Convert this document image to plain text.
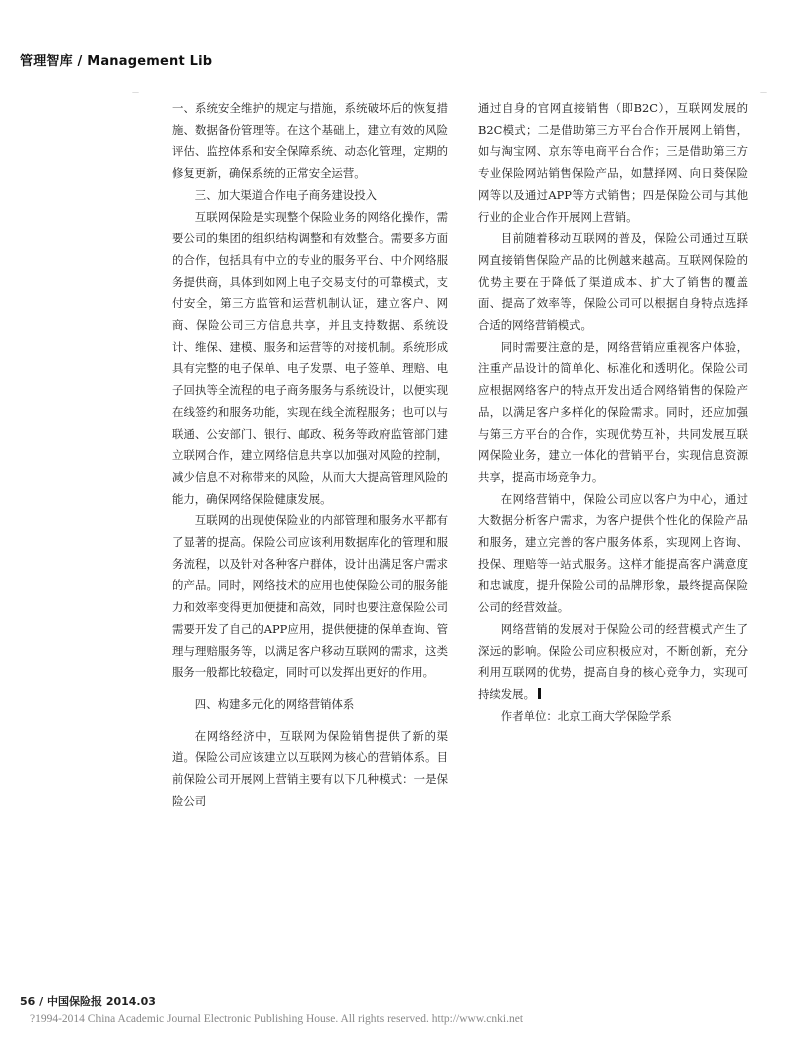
管理智库 / Management Lib
—	—

一、系统安全维护的规定与措施，系统破坏后的恢复措施、数据备份管理等。在这个基础上，建立有效的风险评估、监控体系和安全保障系统、动态化管理，定期的修复更新，确保系统的正常安全运营。

三、加大渠道合作电子商务建设投入

互联网保险是实现整个保险业务的网络化操作，需要公司的集团的组织结构调整和有效整合。需要多方面的合作，包括具有中立的专业的服务平台、中介网络服务提供商，具体到如网上电子交易支付的可靠模式，支付安全，第三方监管和运营机制认证，建立客户、网商、保险公司三方信息共享，并且支持数据、系统设计、维保、建模、服务和运营等的对接机制。系统形成具有完整的电子保单、电子发票、电子签单、理赔、电子回执等全流程的电子商务服务与系统设计，以便实现在线签约和服务功能，实现在线全流程服务；也可以与联通、公安部门、银行、邮政、税务等政府监管部门建立联网合作，建立网络信息共享以加强对风险的控制，减少信息不对称带来的风险，从而大大提高管理风险的能力，确保网络保险健康发展。

互联网的出现使保险业的内部管理和服务水平都有了显著的提高。保险公司应该利用数据库化的管理和服务流程，以及针对各种客户群体，设计出满足客户需求的产品。同时，网络技术的应用也使保险公司的服务能力和效率变得更加便捷和高效，同时也要注意保险公司需要开发了自己的APP应用，提供便捷的保单查询、管理与理赔服务等，以满足客户移动互联网的需求，这类服务一般都比较稳定，同时可以发挥出更好的作用。

四、构建多元化的网络营销体系

在网络经济中，互联网为保险销售提供了新的渠道。保险公司应该建立以互联网为核心的营销体系。目前保险公司开展网上营销主要有以下几种模式：一是保险公司

通过自身的官网直接销售（即B2C），互联网发展的B2C模式；二是借助第三方平台合作开展网上销售，如与淘宝网、京东等电商平台合作；三是借助第三方专业保险网站销售保险产品，如慧择网、向日葵保险网等以及通过APP等方式销售；四是保险公司与其他行业的企业合作开展网上营销。

目前随着移动互联网的普及，保险公司通过互联网直接销售保险产品的比例越来越高。互联网保险的优势主要在于降低了渠道成本、扩大了销售的覆盖面、提高了效率等，保险公司可以根据自身特点选择合适的网络营销模式。

同时需要注意的是，网络营销应重视客户体验，注重产品设计的简单化、标准化和透明化。保险公司应根据网络客户的特点开发出适合网络销售的保险产品，以满足客户多样化的保险需求。同时，还应加强与第三方平台的合作，实现优势互补，共同发展互联网保险业务，建立一体化的营销平台，实现信息资源共享，提高市场竞争力。

在网络营销中，保险公司应以客户为中心，通过大数据分析客户需求，为客户提供个性化的保险产品和服务，建立完善的客户服务体系，实现网上咨询、投保、理赔等一站式服务。这样才能提高客户满意度和忠诚度，提升保险公司的品牌形象，最终提高保险公司的经营效益。

网络营销的发展对于保险公司的经营模式产生了深远的影响。保险公司应积极应对，不断创新，充分利用互联网的优势，提高自身的核心竞争力，实现可持续发展。

作者单位：北京工商大学保险学系

56 / 中国保险报 2014.03
?1994-2014 China Academic Journal Electronic Publishing House. All rights reserved. http://www.cnki.net
